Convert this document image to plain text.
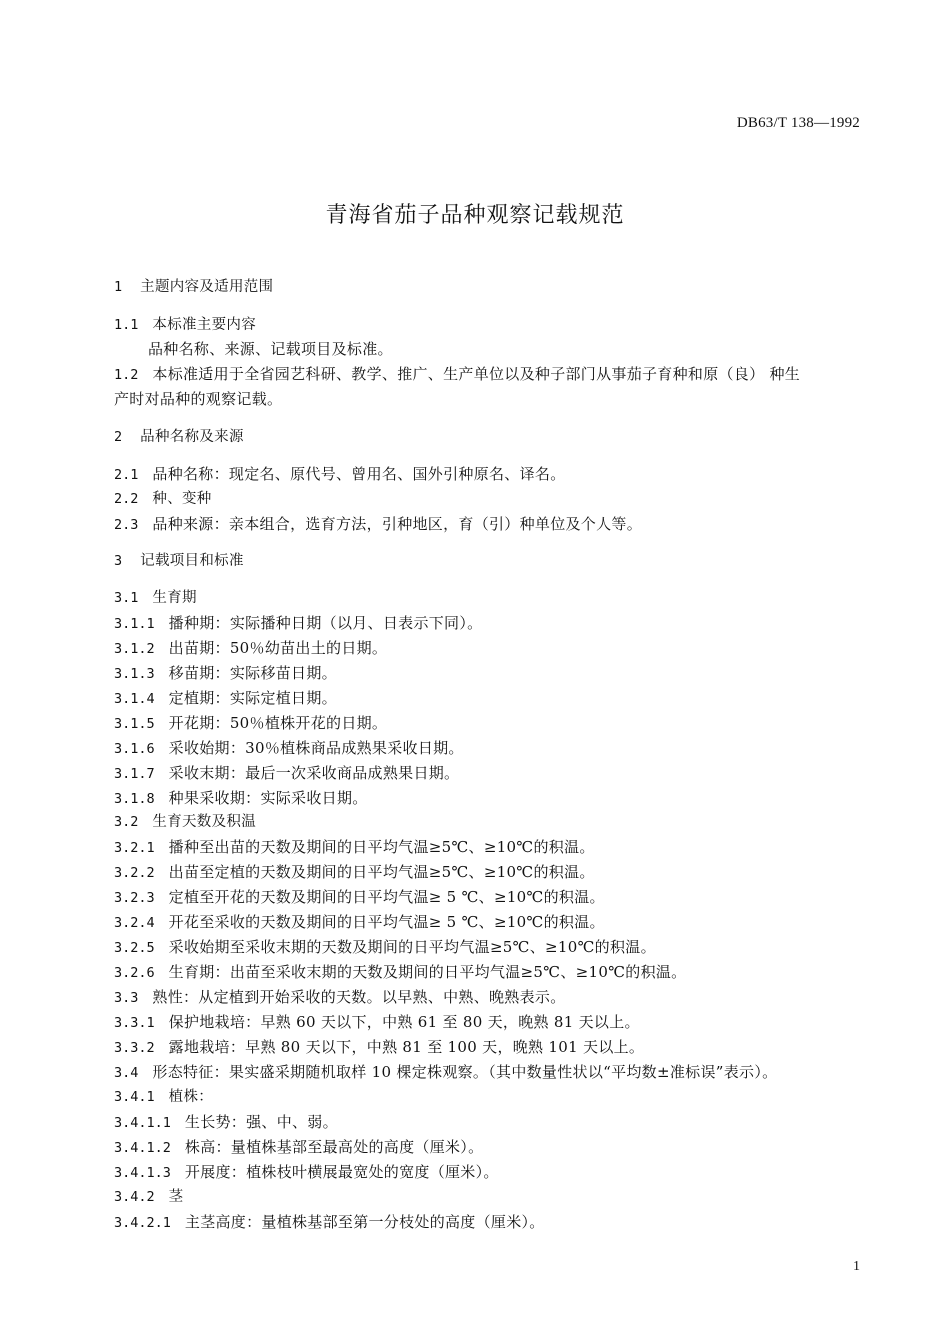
DB63/T 138—1992
青海省茄子品种观察记载规范
1 主题内容及适用范围
1.1 本标准主要内容
品种名称、来源、记载项目及标准。
1.2 本标准适用于全省园艺科研、教学、推广、生产单位以及种子部门从事茄子育种和原（良） 种生
产时对品种的观察记载。
2 品种名称及来源
2.1 品种名称：现定名、原代号、曾用名、国外引种原名、译名。
2.2 种、变种
2.3 品种来源：亲本组合，选育方法，引种地区，育（引）种单位及个人等。
3 记载项目和标准
3.1 生育期
3.1.1 播种期：实际播种日期（以月、日表示下同）。
3.1.2 出苗期：50％幼苗出土的日期。
3.1.3 移苗期：实际移苗日期。
3.1.4 定植期：实际定植日期。
3.1.5 开花期：50％植株开花的日期。
3.1.6 采收始期：30％植株商品成熟果采收日期。
3.1.7 采收末期：最后一次采收商品成熟果日期。
3.1.8 种果采收期：实际采收日期。
3.2 生育天数及积温
3.2.1 播种至出苗的天数及期间的日平均气温≥5℃、≥10℃的积温。
3.2.2 出苗至定植的天数及期间的日平均气温≥5℃、≥10℃的积温。
3.2.3 定植至开花的天数及期间的日平均气温≥ 5 ℃、≥10℃的积温。
3.2.4 开花至采收的天数及期间的日平均气温≥ 5 ℃、≥10℃的积温。
3.2.5 采收始期至采收末期的天数及期间的日平均气温≥5℃、≥10℃的积温。
3.2.6 生育期：出苗至采收末期的天数及期间的日平均气温≥5℃、≥10℃的积温。
3.3 熟性：从定植到开始采收的天数。以早熟、中熟、晚熟表示。
3.3.1 保护地栽培：早熟 60 天以下，中熟 61 至 80 天，晚熟 81 天以上。
3.3.2 露地栽培：早熟 80 天以下，中熟 81 至 100 天，晚熟 101 天以上。
3.4 形态特征：果实盛采期随机取样 10 棵定株观察。（其中数量性状以“平均数±准标误”表示）。
3.4.1 植株：
3.4.1.1 生长势：强、中、弱。
3.4.1.2 株高：量植株基部至最高处的高度（厘米）。
3.4.1.3 开展度：植株枝叶横展最宽处的宽度（厘米）。
3.4.2 茎
3.4.2.1 主茎高度：量植株基部至第一分枝处的高度（厘米）。
1
